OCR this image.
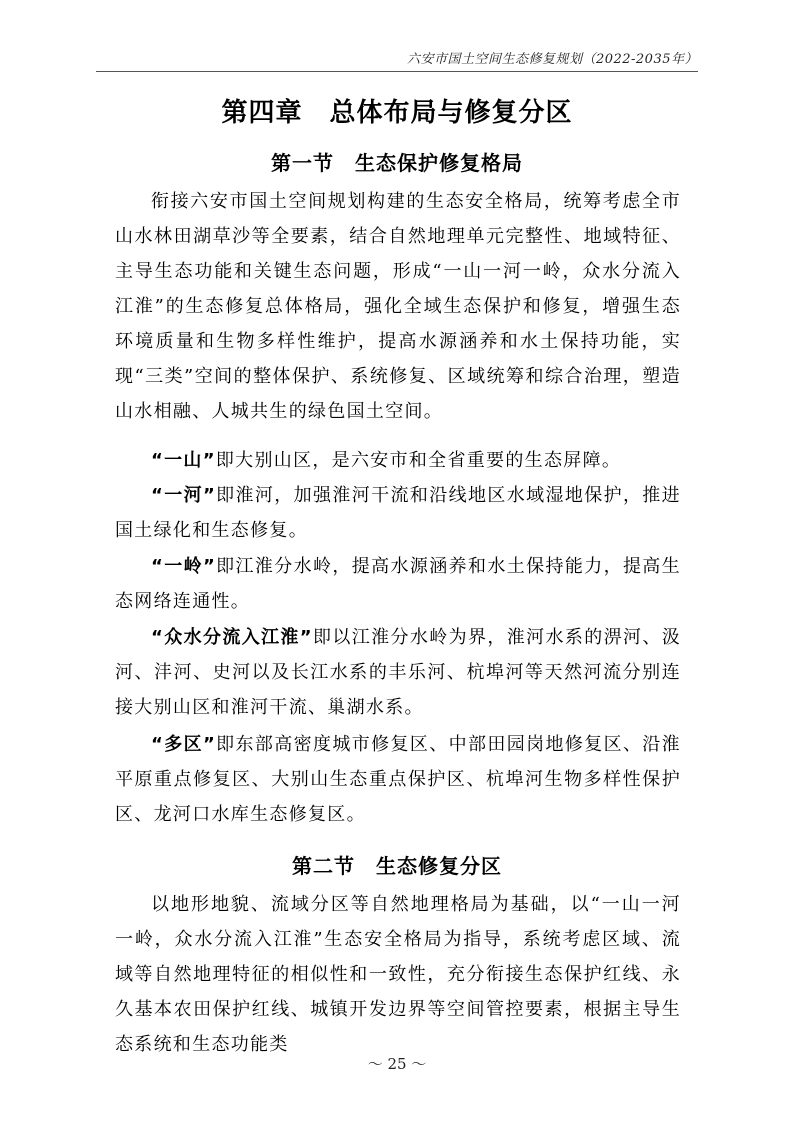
六安市国土空间生态修复规划（2022-2035年）
第四章　总体布局与修复分区
第一节　生态保护修复格局

衔接六安市国土空间规划构建的生态安全格局，统筹考虑全市山水林田湖草沙等全要素，结合自然地理单元完整性、地域特征、主导生态功能和关键生态问题，形成“一山一河一岭，众水分流入江淮”的生态修复总体格局，强化全域生态保护和修复，增强生态环境质量和生物多样性维护，提高水源涵养和水土保持功能，实现“三类”空间的整体保护、系统修复、区域统筹和综合治理，塑造山水相融、人城共生的绿色国土空间。

“一山”即大别山区，是六安市和全省重要的生态屏障。

“一河”即淮河，加强淮河干流和沿线地区水域湿地保护，推进国土绿化和生态修复。

“一岭”即江淮分水岭，提高水源涵养和水土保持能力，提高生态网络连通性。

“众水分流入江淮”即以江淮分水岭为界，淮河水系的淠河、汲河、沣河、史河以及长江水系的丰乐河、杭埠河等天然河流分别连接大别山区和淮河干流、巢湖水系。

“多区”即东部高密度城市修复区、中部田园岗地修复区、沿淮平原重点修复区、大别山生态重点保护区、杭埠河生物多样性保护区、龙河口水库生态修复区。

第二节　生态修复分区

以地形地貌、流域分区等自然地理格局为基础，以“一山一河一岭，众水分流入江淮”生态安全格局为指导，系统考虑区域、流域等自然地理特征的相似性和一致性，充分衔接生态保护红线、永久基本农田保护红线、城镇开发边界等空间管控要素，根据主导生态系统和生态功能类

～ 25 ～
